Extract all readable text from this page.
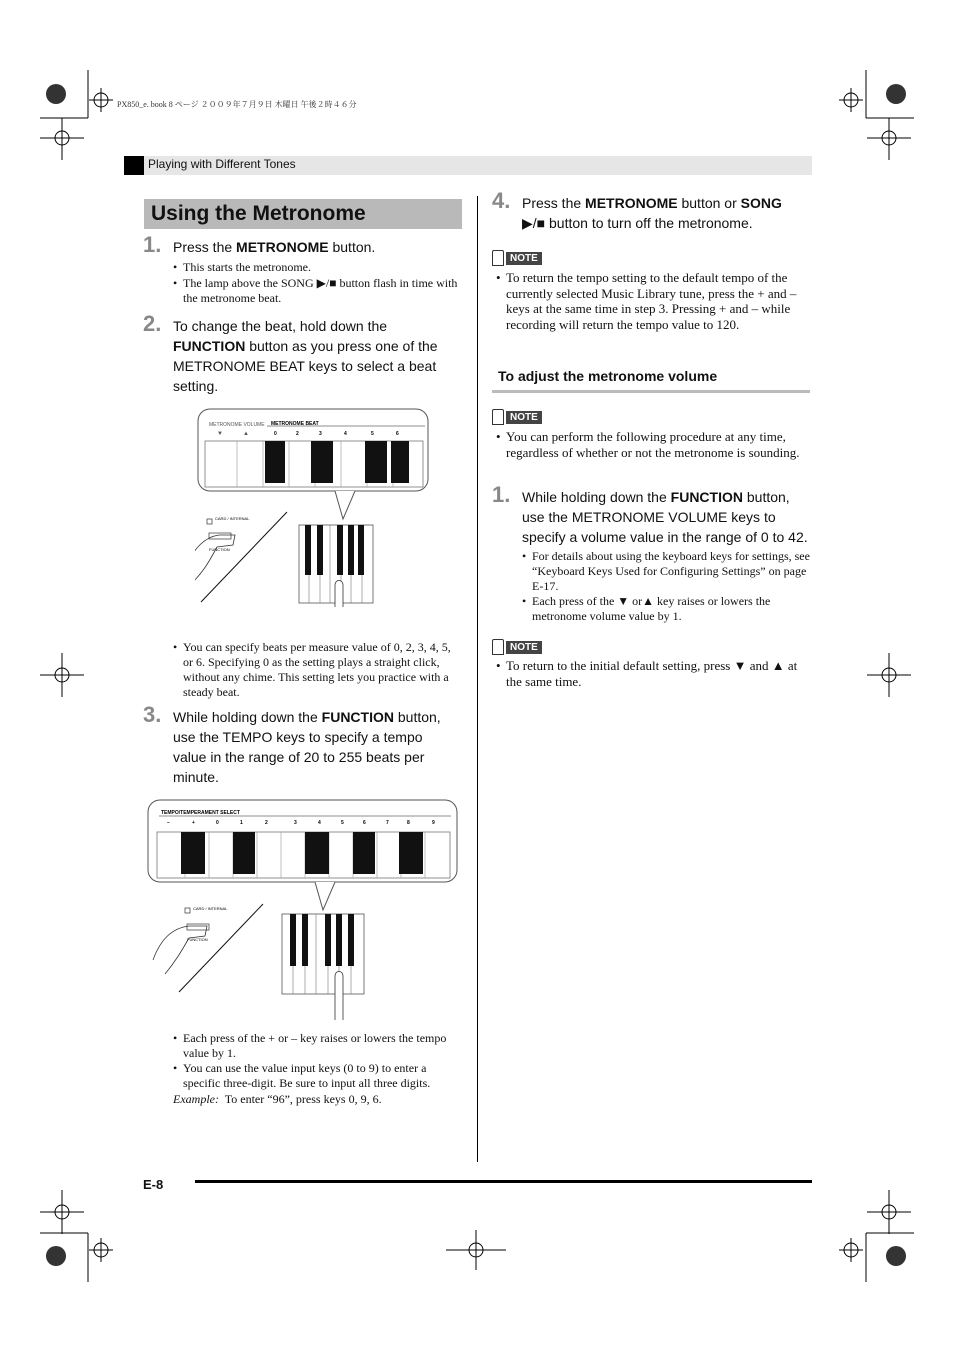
PX850_e. book 8 ページ ２００９年７月９日 木曜日 午後２時４６分
Playing with Different Tones
Using the Metronome
1. Press the METRONOME button.
• This starts the metronome.
• The lamp above the SONG ▶/■ button flash in time with the metronome beat.
2. To change the beat, hold down the
FUNCTION button as you press one of the
METRONOME BEAT keys to select a beat
setting.
METRONOME VOLUME
▼	▲
METRONOME BEAT
0	2	3	4	5	6
CARD / INTERNAL
FUNCTION
• You can specify beats per measure value of 0, 2, 3, 4, 5, or 6. Specifying 0 as the setting plays a straight click, without any chime. This setting lets you practice with a steady beat.
3. While holding down the FUNCTION button,
use the TEMPO keys to specify a tempo
value in the range of 20 to 255 beats per
minute.
TEMPO/TEMPERAMENT SELECT
–	+	0	1	2	3	4	5	6	7	8	9
CARD / INTERNAL
FUNCTION
• Each press of the + or – key raises or lowers the tempo value by 1.
• You can use the value input keys (0 to 9) to enter a specific three-digit. Be sure to input all three digits.
Example: To enter “96”, press keys 0, 9, 6.
4. Press the METRONOME button or SONG
▶/■ button to turn off the metronome.
NOTE
• To return the tempo setting to the default tempo of the currently selected Music Library tune, press the + and – keys at the same time in step 3. Pressing + and – while recording will return the tempo value to 120.
To adjust the metronome volume
NOTE
• You can perform the following procedure at any time, regardless of whether or not the metronome is sounding.
1. While holding down the FUNCTION button,
use the METRONOME VOLUME keys to
specify a volume value in the range of 0 to 42.
• For details about using the keyboard keys for settings, see “Keyboard Keys Used for Configuring Settings” on page E-17.
• Each press of the ▼ or▲ key raises or lowers the metronome volume value by 1.
NOTE
• To return to the initial default setting, press ▼ and ▲ at the same time.
E-8
